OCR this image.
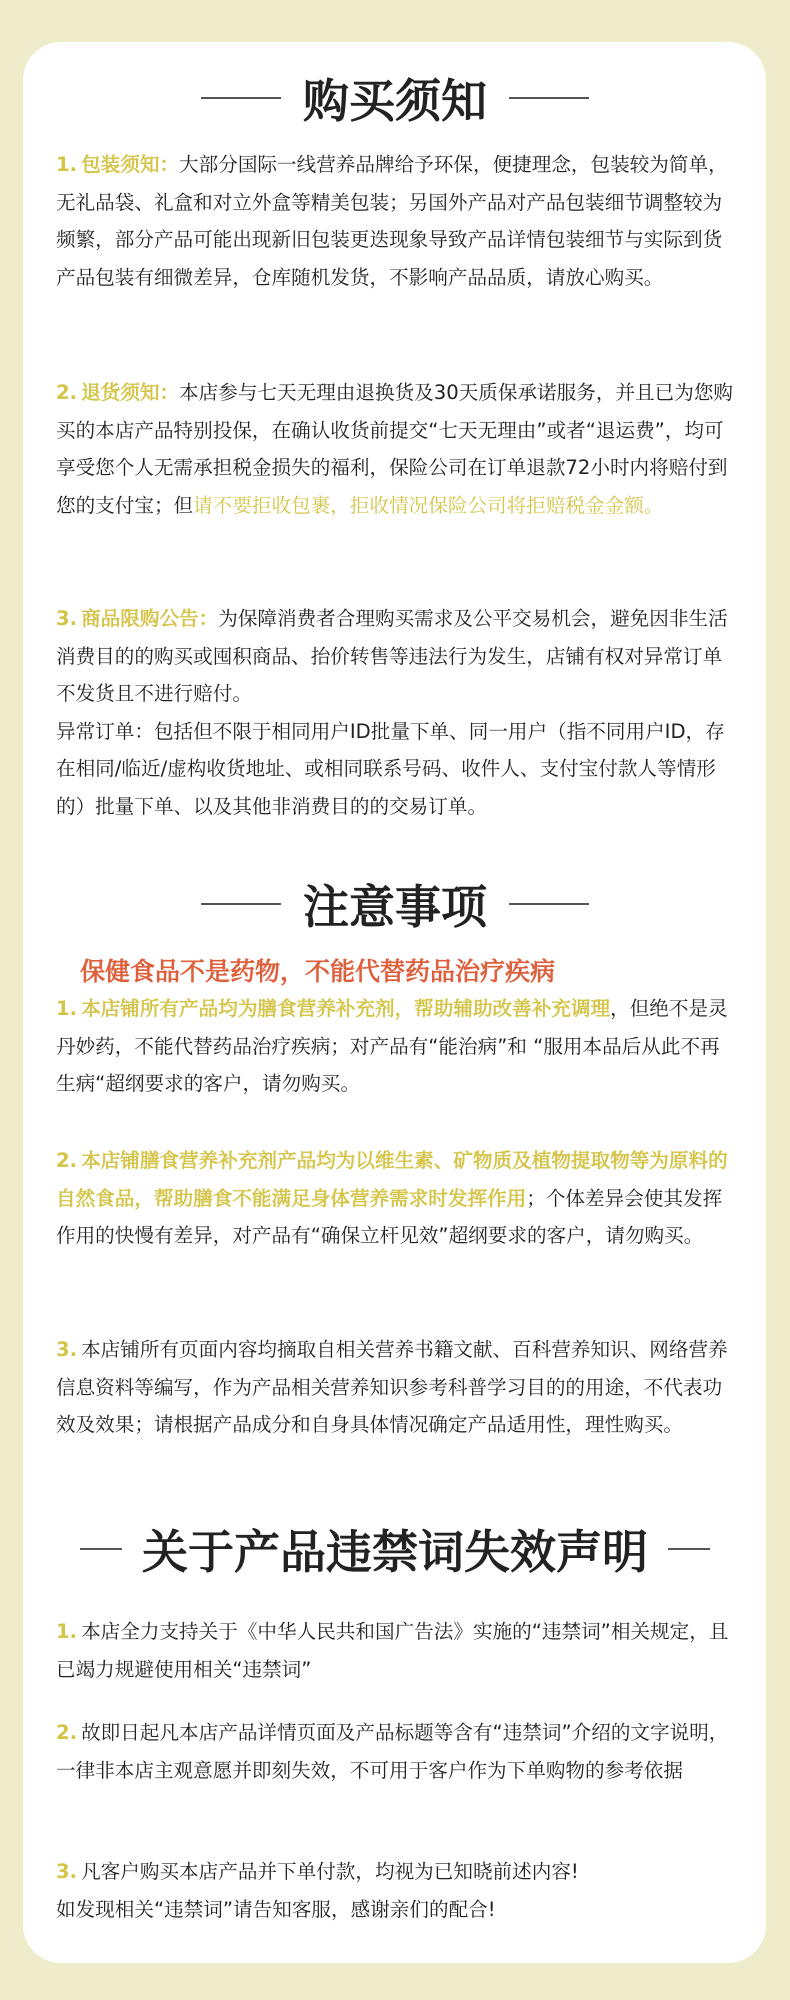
购买须知
1. 包装须知：大部分国际一线营养品牌给予环保，便捷理念，包装较为简单，无礼品袋、礼盒和对立外盒等精美包装；另国外产品对产品包装细节调整较为频繁，部分产品可能出现新旧包装更迭现象导致产品详情包装细节与实际到货产品包装有细微差异，仓库随机发货，不影响产品品质，请放心购买。
2. 退货须知：本店参与七天无理由退换货及30天质保承诺服务，并且已为您购买的本店产品特别投保，在确认收货前提交“七天无理由”或者“退运费”，均可享受您个人无需承担税金损失的福利，保险公司在订单退款72小时内将赔付到您的支付宝；但请不要拒收包裹，拒收情况保险公司将拒赔税金金额。
3. 商品限购公告：为保障消费者合理购买需求及公平交易机会，避免因非生活消费目的的购买或囤积商品、抬价转售等违法行为发生，店铺有权对异常订单不发货且不进行赔付。
异常订单：包括但不限于相同用户ID批量下单、同一用户（指不同用户ID，存在相同/临近/虚构收货地址、或相同联系号码、收件人、支付宝付款人等情形的）批量下单、以及其他非消费目的的交易订单。
注意事项
保健食品不是药物，不能代替药品治疗疾病
1. 本店铺所有产品均为膳食营养补充剂，帮助辅助改善补充调理，但绝不是灵丹妙药，不能代替药品治疗疾病；对产品有“能治病”和 “服用本品后从此不再生病“超纲要求的客户，请勿购买。
2. 本店铺膳食营养补充剂产品均为以维生素、矿物质及植物提取物等为原料的自然食品，帮助膳食不能满足身体营养需求时发挥作用；个体差异会使其发挥作用的快慢有差异，对产品有“确保立杆见效”超纲要求的客户，请勿购买。
3. 本店铺所有页面内容均摘取自相关营养书籍文献、百科营养知识、网络营养信息资料等编写，作为产品相关营养知识参考科普学习目的的用途，不代表功效及效果；请根据产品成分和自身具体情况确定产品适用性，理性购买。
关于产品违禁词失效声明
1. 本店全力支持关于《中华人民共和国广告法》实施的“违禁词”相关规定，且已竭力规避使用相关“违禁词”
2. 故即日起凡本店产品详情页面及产品标题等含有“违禁词”介绍的文字说明，一律非本店主观意愿并即刻失效，不可用于客户作为下单购物的参考依据
3. 凡客户购买本店产品并下单付款，均视为已知晓前述内容!
如发现相关“违禁词”请告知客服，感谢亲们的配合!
